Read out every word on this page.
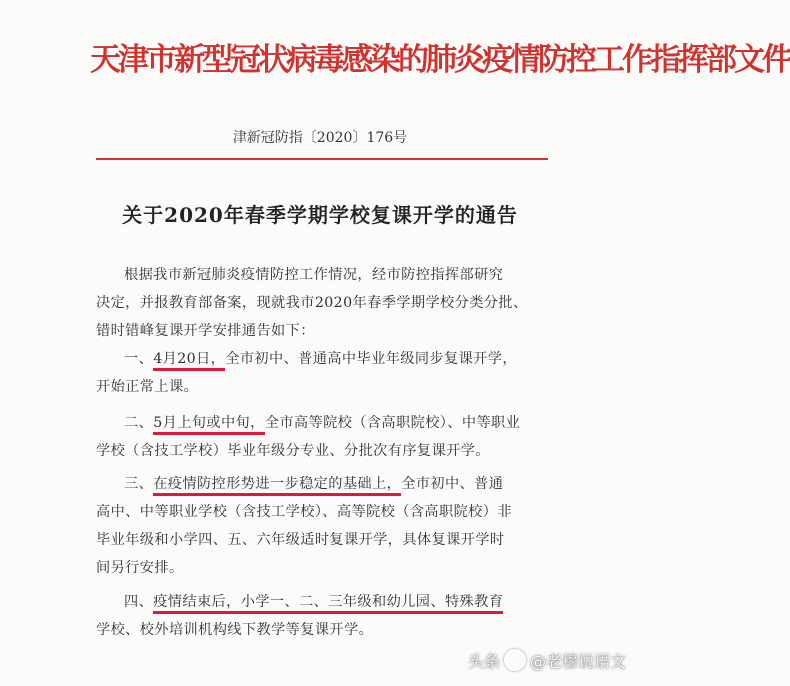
天津市新型冠状病毒感染的肺炎疫情防控工作指挥部文件
津新冠防指〔2020〕176号
关于2020年春季学期学校复课开学的通告
根据我市新冠肺炎疫情防控工作情况，经市防控指挥部研究
决定，并报教育部备案，现就我市2020年春季学期学校分类分批、
错时错峰复课开学安排通告如下：
一、4月20日，全市初中、普通高中毕业年级同步复课开学，
开始正常上课。
二、5月上旬或中旬，全市高等院校（含高职院校）、中等职业
学校（含技工学校）毕业年级分专业、分批次有序复课开学。
三、在疫情防控形势进一步稳定的基础上，全市初中、普通
高中、中等职业学校（含技工学校）、高等院校（含高职院校）非
毕业年级和小学四、五、六年级适时复课开学，具体复课开学时
间另行安排。
四、疫情结束后，小学一、二、三年级和幼儿园、特殊教育
学校、校外培训机构线下教学等复课开学。
头条 @老穆说语文
